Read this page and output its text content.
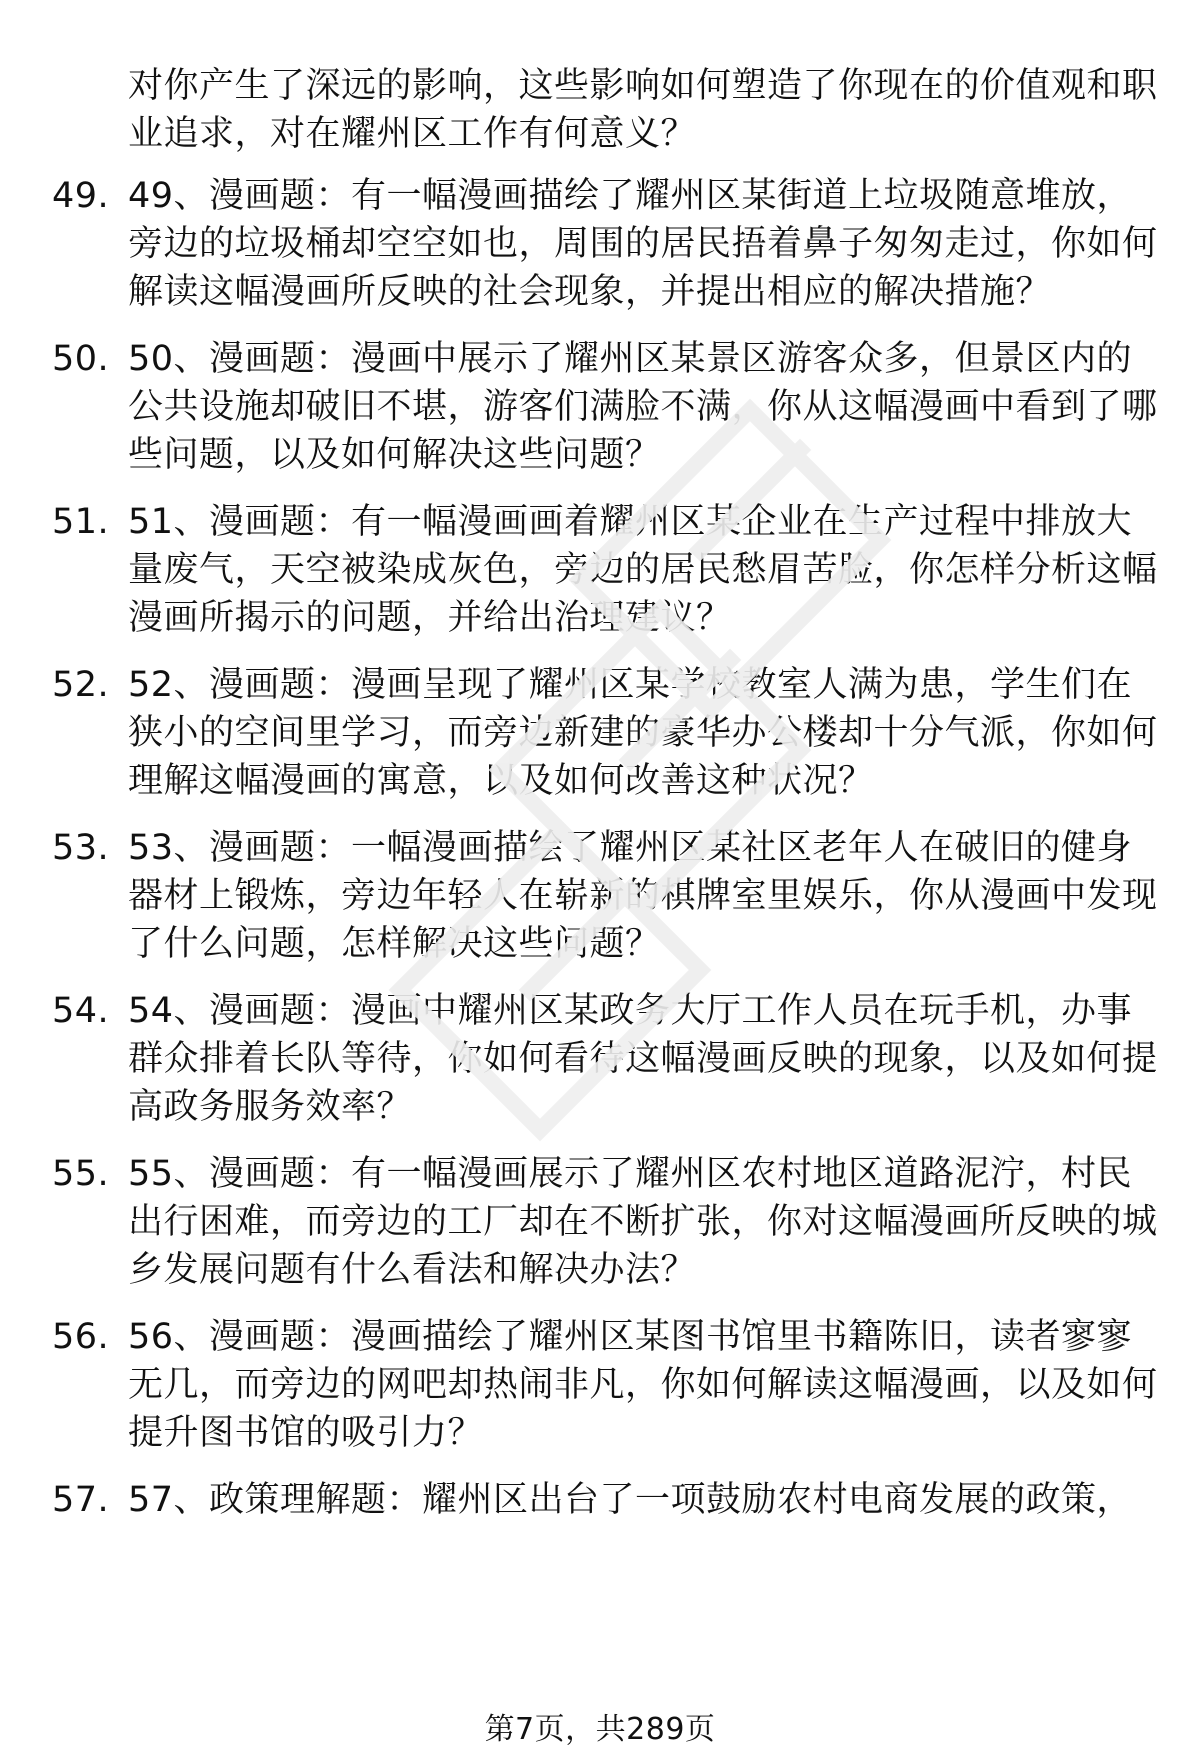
对你产生了深远的影响，这些影响如何塑造了你现在的价值观和职业追求，对在耀州区工作有何意义？

49. 49、漫画题：有一幅漫画描绘了耀州区某街道上垃圾随意堆放，旁边的垃圾桶却空空如也，周围的居民捂着鼻子匆匆走过，你如何解读这幅漫画所反映的社会现象，并提出相应的解决措施？

50. 50、漫画题：漫画中展示了耀州区某景区游客众多，但景区内的公共设施却破旧不堪，游客们满脸不满，你从这幅漫画中看到了哪些问题，以及如何解决这些问题？

51. 51、漫画题：有一幅漫画画着耀州区某企业在生产过程中排放大量废气，天空被染成灰色，旁边的居民愁眉苦脸，你怎样分析这幅漫画所揭示的问题，并给出治理建议？

52. 52、漫画题：漫画呈现了耀州区某学校教室人满为患，学生们在狭小的空间里学习，而旁边新建的豪华办公楼却十分气派，你如何理解这幅漫画的寓意，以及如何改善这种状况？

53. 53、漫画题：一幅漫画描绘了耀州区某社区老年人在破旧的健身器材上锻炼，旁边年轻人在崭新的棋牌室里娱乐，你从漫画中发现了什么问题，怎样解决这些问题？

54. 54、漫画题：漫画中耀州区某政务大厅工作人员在玩手机，办事群众排着长队等待，你如何看待这幅漫画反映的现象，以及如何提高政务服务效率？

55. 55、漫画题：有一幅漫画展示了耀州区农村地区道路泥泞，村民出行困难，而旁边的工厂却在不断扩张，你对这幅漫画所反映的城乡发展问题有什么看法和解决办法？

56. 56、漫画题：漫画描绘了耀州区某图书馆里书籍陈旧，读者寥寥无几，而旁边的网吧却热闹非凡，你如何解读这幅漫画，以及如何提升图书馆的吸引力？

57. 57、政策理解题：耀州区出台了一项鼓励农村电商发展的政策，

第7页，共289页
